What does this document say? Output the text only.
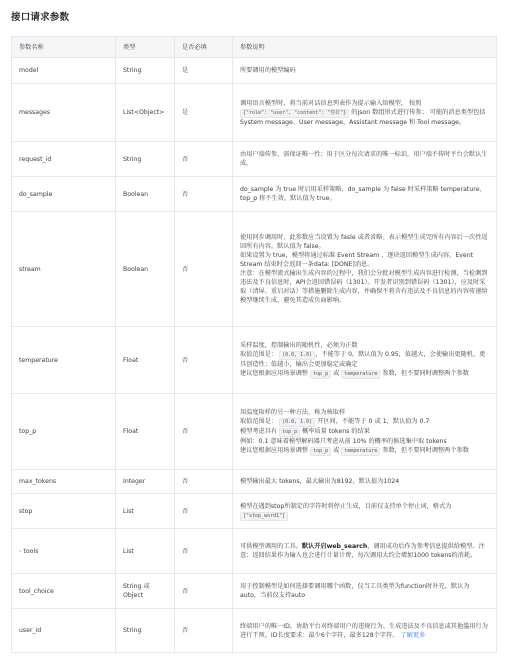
接口请求参数
参数名称	类型	是否必填	参数说明
model	String	是	所要调用的模型编码
messages	List<Object>	是	调用语言模型时，将当前对话信息列表作为提示输入给模型， 按照 {"role": "user", "content": "你好"} 的json 数组形式进行传参； 可能的消息类型包括 System message、User message、Assistant message 和 Tool message。
request_id	String	否	由用户端传参，需保证唯一性；用于区分每次请求的唯一标识，用户端不传时平台会默认生成。
do_sample	Boolean	否	do_sample 为 true 时启用采样策略，do_sample 为 false 时采样策略 temperature、top_p 将不生效。默认值为 true。
stream	Boolean	否	使用同步调用时，此参数应当设置为 fasle 或者省略。表示模型生成完所有内容后一次性返回所有内容。默认值为 false。
如果设置为 true，模型将通过标准 Event Stream ，逐块返回模型生成内容。Event Stream 结束时会返回一条data: [DONE]消息。
注意：在模型流式输出生成内容的过程中，我们会分批对模型生成内容进行检测，当检测到违法及不良信息时，API会返回错误码（1301）。开发者识别到错误码（1301），应及时采取（清屏、重启对话）等措施删除生成内容，并确保不将含有违法及不良信息的内容传递给模型继续生成，避免其造成负面影响。

temperature	Float	否	采样温度，控制输出的随机性，必须为正数
取值范围是： (0.0, 1.0) ，不能等于 0，默认值为 0.95，值越大，会使输出更随机，更具创造性；值越小，输出会更加稳定或确定
建议您根据应用场景调整 top_p 或 temperature 参数，但不要同时调整两个参数
top_p	Float	否	用温度取样的另一种方法，称为核取样
取值范围是： (0.0, 1.0) 开区间，不能等于 0 或 1，默认值为 0.7
模型考虑具有 top_p 概率质量 tokens 的结果
例如：0.1 意味着模型解码器只考虑从前 10% 的概率的候选集中取 tokens
建议您根据应用场景调整 top_p 或 temperature 参数，但不要同时调整两个参数
max_tokens	Integer	否	模型输出最大 tokens，最大输出为8192，默认值为1024
stop	List	否	模型在遇到stop所制定的字符时将停止生成，目前仅支持单个停止词，格式为 ["stop_word1"]
› tools	List	否	可供模型调用的工具。默认开启web_search，调用成功后作为参考信息提供给模型。注意：返回结果作为输入也会进行计量计费，每次调用大约会增加1000 tokens的消耗。
tool_choice	String 或 Object	否	用于控制模型是如何选择要调用哪个函数，仅当工具类型为function时补充。默认为auto，当前仅支持auto
user_id	String	否	终端用户的唯一ID，协助平台对终端用户的违规行为、生成违法及不良信息或其他滥用行为进行干预。ID长度要求：最少6个字符，最多128个字符。 了解更多
